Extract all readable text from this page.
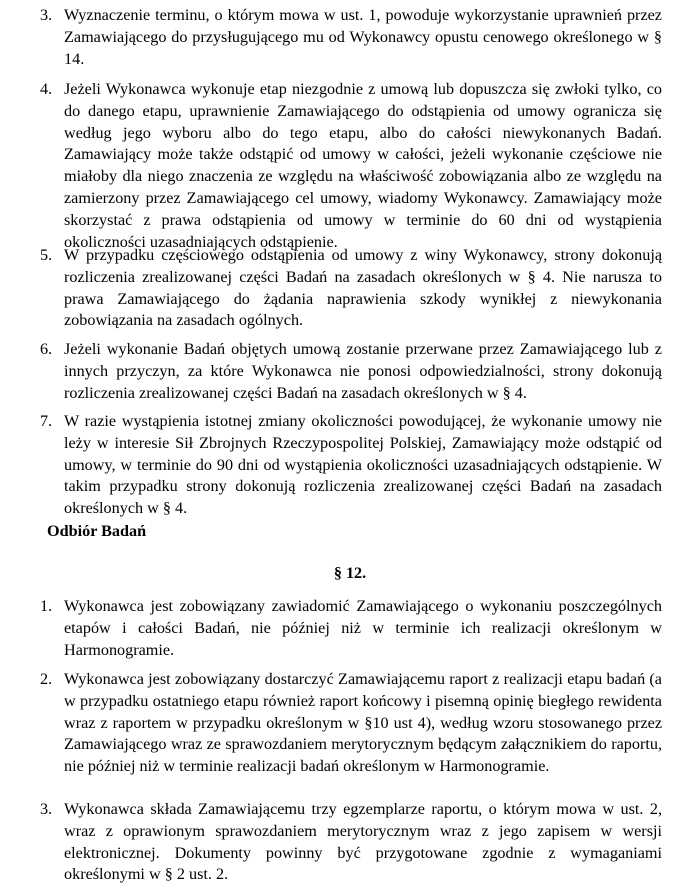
3. Wyznaczenie terminu, o którym mowa w ust. 1, powoduje wykorzystanie uprawnień przez Zamawiającego do przysługującego mu od Wykonawcy opustu cenowego określonego w § 14.
4. Jeżeli Wykonawca wykonuje etap niezgodnie z umową lub dopuszcza się zwłoki tylko, co do danego etapu, uprawnienie Zamawiającego do odstąpienia od umowy ogranicza się według jego wyboru albo do tego etapu, albo do całości niewykonanych Badań. Zamawiający może także odstąpić od umowy w całości, jeżeli wykonanie częściowe nie miałoby dla niego znaczenia ze względu na właściwość zobowiązania albo ze względu na zamierzony przez Zamawiającego cel umowy, wiadomy Wykonawcy. Zamawiający może skorzystać z prawa odstąpienia od umowy w terminie do 60 dni od wystąpienia okoliczności uzasadniających odstąpienie.
5. W przypadku częściowego odstąpienia od umowy z winy Wykonawcy, strony dokonują rozliczenia zrealizowanej części Badań na zasadach określonych w § 4. Nie narusza to prawa Zamawiającego do żądania naprawienia szkody wynikłej z niewykonania zobowiązania na zasadach ogólnych.
6. Jeżeli wykonanie Badań objętych umową zostanie przerwane przez Zamawiającego lub z innych przyczyn, za które Wykonawca nie ponosi odpowiedzialności, strony dokonują rozliczenia zrealizowanej części Badań na zasadach określonych w § 4.
7. W razie wystąpienia istotnej zmiany okoliczności powodującej, że wykonanie umowy nie leży w interesie Sił Zbrojnych Rzeczypospolitej Polskiej, Zamawiający może odstąpić od umowy, w terminie do 90 dni od wystąpienia okoliczności uzasadniających odstąpienie. W takim przypadku strony dokonują rozliczenia zrealizowanej części Badań na zasadach określonych w § 4.
Odbiór Badań
§ 12.
1. Wykonawca jest zobowiązany zawiadomić Zamawiającego o wykonaniu poszczególnych etapów i całości Badań, nie później niż w terminie ich realizacji określonym w Harmonogramie.
2. Wykonawca jest zobowiązany dostarczyć Zamawiającemu raport z realizacji etapu badań (a w przypadku ostatniego etapu również raport końcowy i pisemną opinię biegłego rewidenta wraz z raportem w przypadku określonym w §10 ust 4), według wzoru stosowanego przez Zamawiającego wraz ze sprawozdaniem merytorycznym będącym załącznikiem do raportu, nie później niż w terminie realizacji badań określonym w Harmonogramie.
3. Wykonawca składa Zamawiającemu trzy egzemplarze raportu, o którym mowa w ust. 2, wraz z oprawionym sprawozdaniem merytorycznym wraz z jego zapisem w wersji elektronicznej. Dokumenty powinny być przygotowane zgodnie z wymaganiami określonymi w § 2 ust. 2.
